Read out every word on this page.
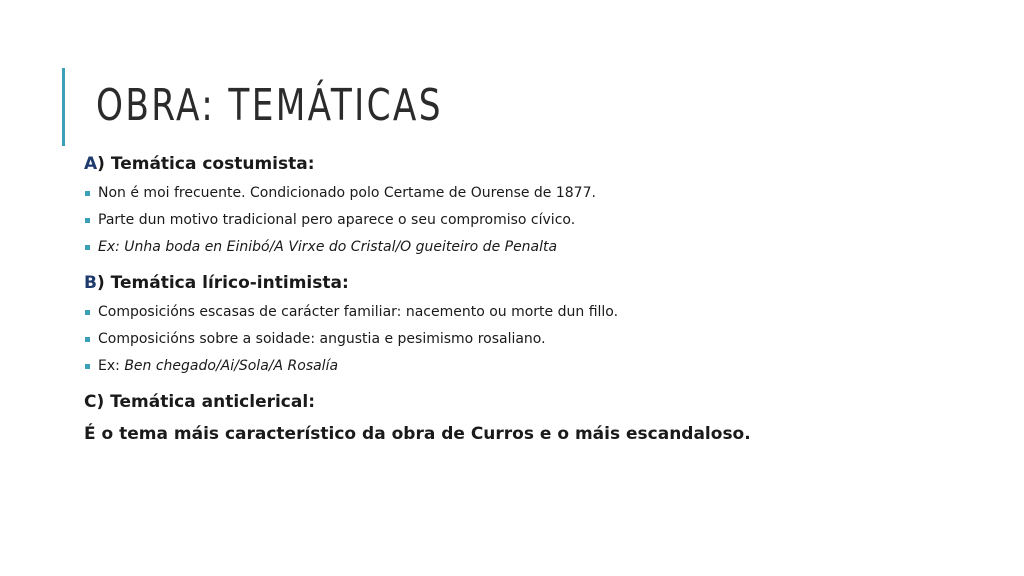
OBRA: TEMÁTICAS

A) Temática costumista:

Non é moi frecuente. Condicionado polo Certame de Ourense de 1877.
Parte dun motivo tradicional pero aparece o seu compromiso cívico.
Ex: Unha boda en Einibó/A Virxe do Cristal/O gueiteiro de Penalta

B) Temática lírico-intimista:

Composicións escasas de carácter familiar: nacemento ou morte dun fillo.
Composicións sobre a soidade: angustia e pesimismo rosaliano.
Ex: Ben chegado/Ai/Sola/A Rosalía

C) Temática anticlerical:

É o tema máis característico da obra de Curros e o máis escandaloso.
